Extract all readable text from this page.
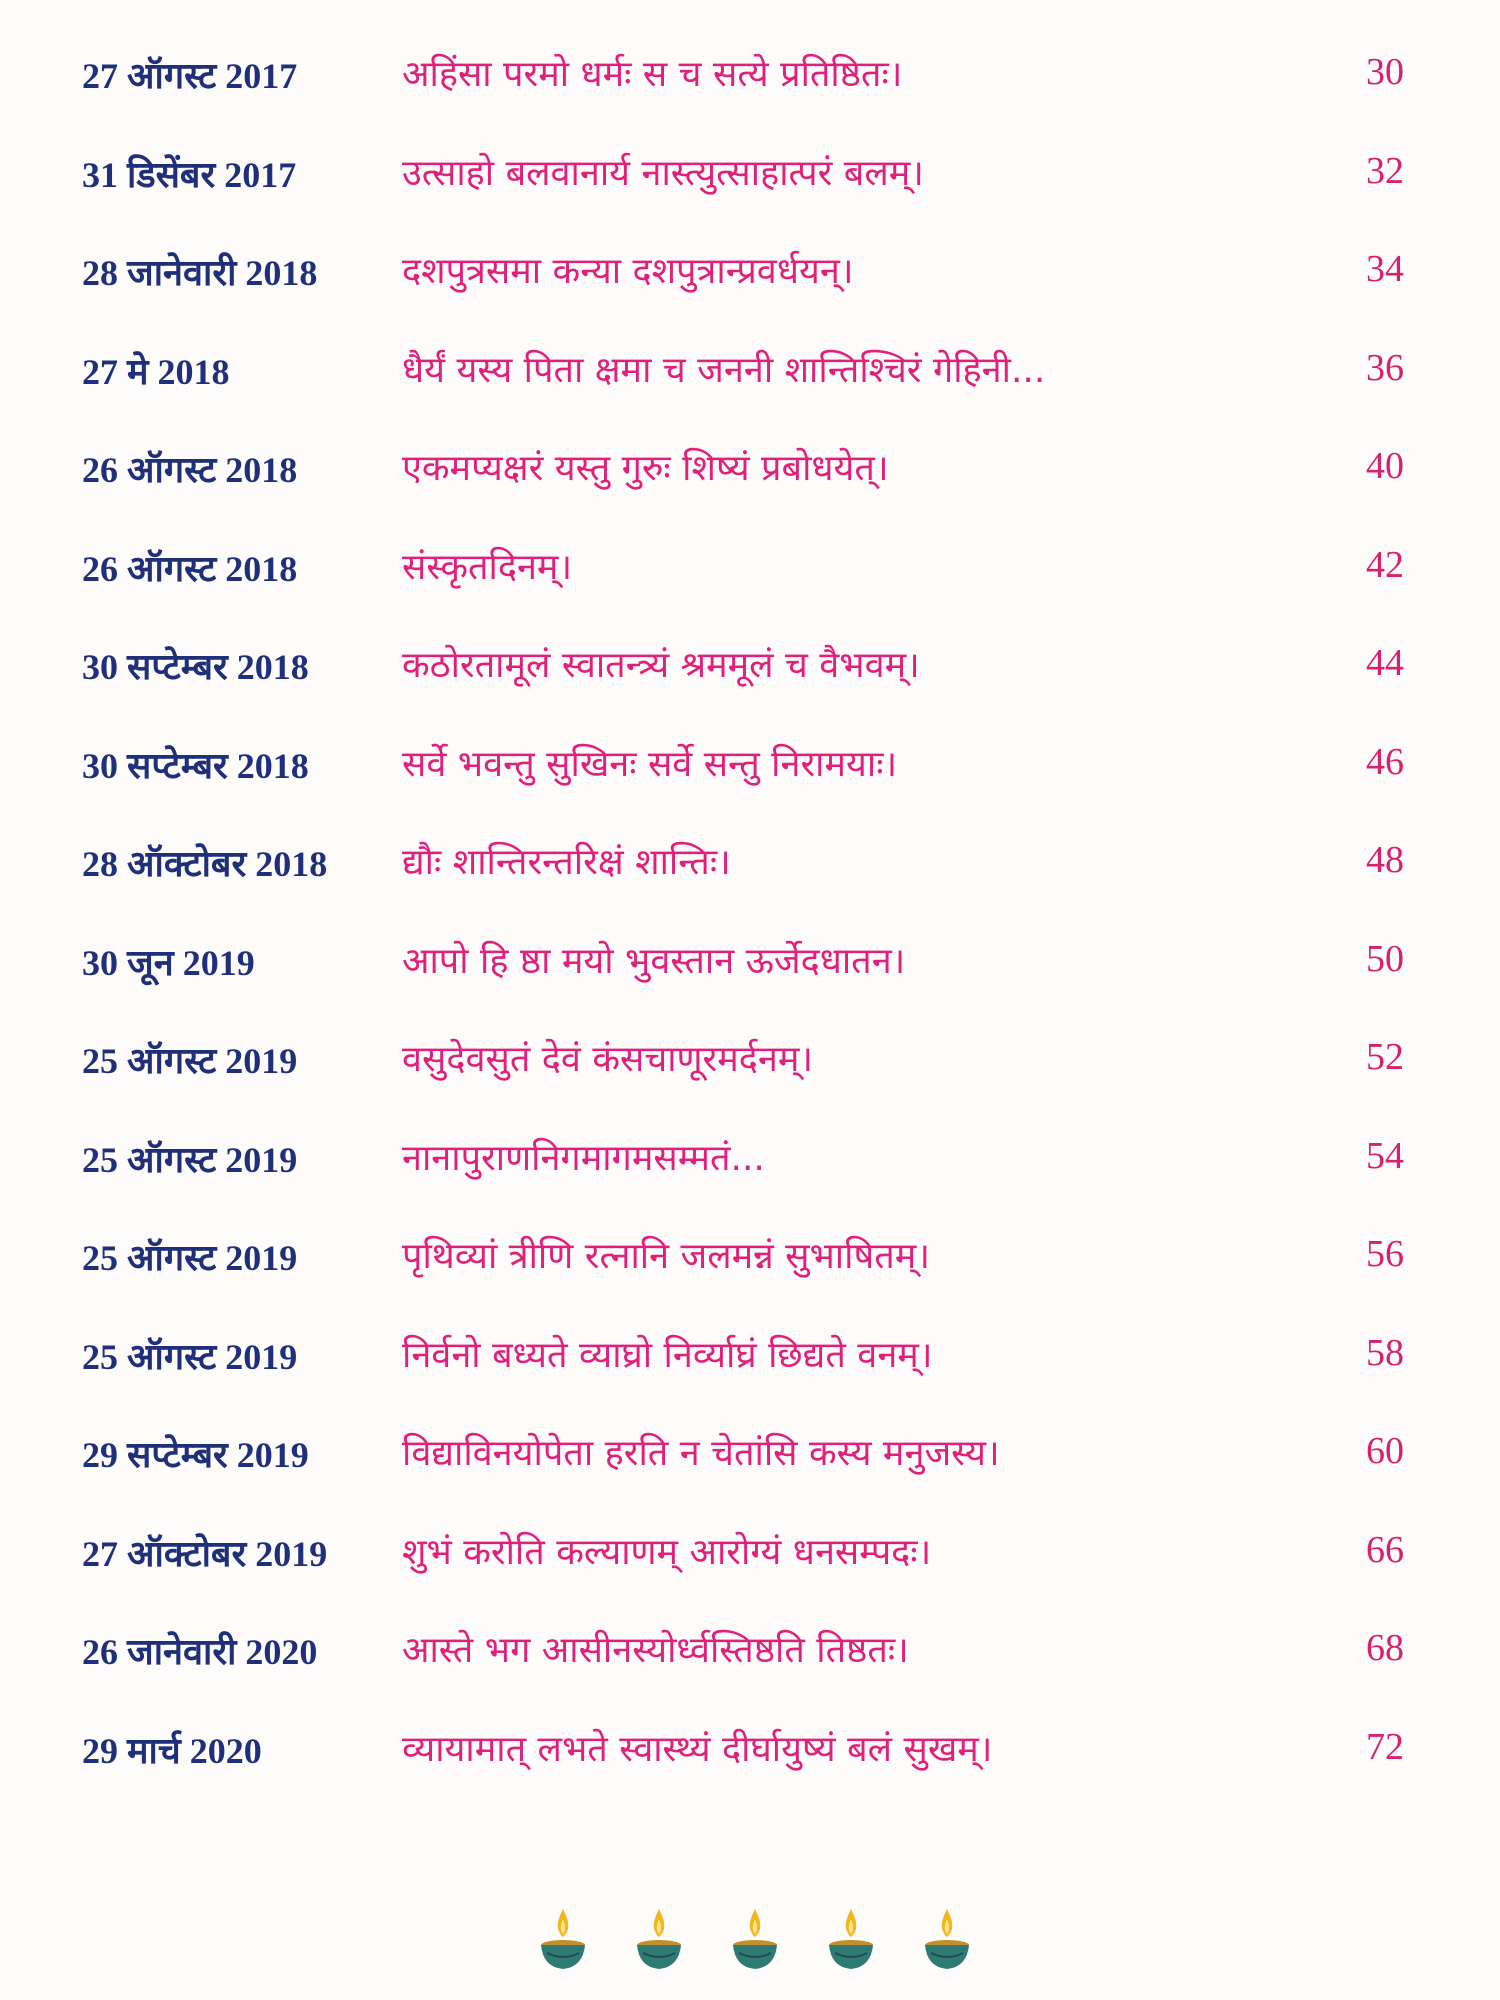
27 ऑगस्ट 2017	अहिंसा परमो धर्मः स च सत्ये प्रतिष्ठितः।	30
31 डिसेंबर 2017	उत्साहो बलवानार्य नास्त्युत्साहात्परं बलम्।	32
28 जानेवारी 2018	दशपुत्रसमा कन्या दशपुत्रान्प्रवर्धयन्।	34
27 मे 2018	धैर्यं यस्य पिता क्षमा च जननी शान्तिश्चिरं गेहिनी...	36
26 ऑगस्ट 2018	एकमप्यक्षरं यस्तु गुरुः शिष्यं प्रबोधयेत्।	40
26 ऑगस्ट 2018	संस्कृतदिनम्।	42
30 सप्टेम्बर 2018	कठोरतामूलं स्वातन्त्र्यं श्रममूलं च वैभवम्।	44
30 सप्टेम्बर 2018	सर्वे भवन्तु सुखिनः सर्वे सन्तु निरामयाः।	46
28 ऑक्टोबर 2018	द्यौः शान्तिरन्तरिक्षं शान्तिः।	48
30 जून 2019	आपो हि ष्ठा मयो भुवस्तान ऊर्जेदधातन।	50
25 ऑगस्ट 2019	वसुदेवसुतं देवं कंसचाणूरमर्दनम्।	52
25 ऑगस्ट 2019	नानापुराणनिगमागमसम्मतं...	54
25 ऑगस्ट 2019	पृथिव्यां त्रीणि रत्नानि जलमन्नं सुभाषितम्।	56
25 ऑगस्ट 2019	निर्वनो बध्यते व्याघ्रो निर्व्याघ्रं छिद्यते वनम्।	58
29 सप्टेम्बर 2019	विद्याविनयोपेता हरति न चेतांसि कस्य मनुजस्य।	60
27 ऑक्टोबर 2019	शुभं करोति कल्याणम् आरोग्यं धनसम्पदः।	66
26 जानेवारी 2020	आस्ते भग आसीनस्योर्ध्वस्तिष्ठति तिष्ठतः।	68
29 मार्च 2020	व्यायामात् लभते स्वास्थ्यं दीर्घायुष्यं बलं सुखम्।	72
